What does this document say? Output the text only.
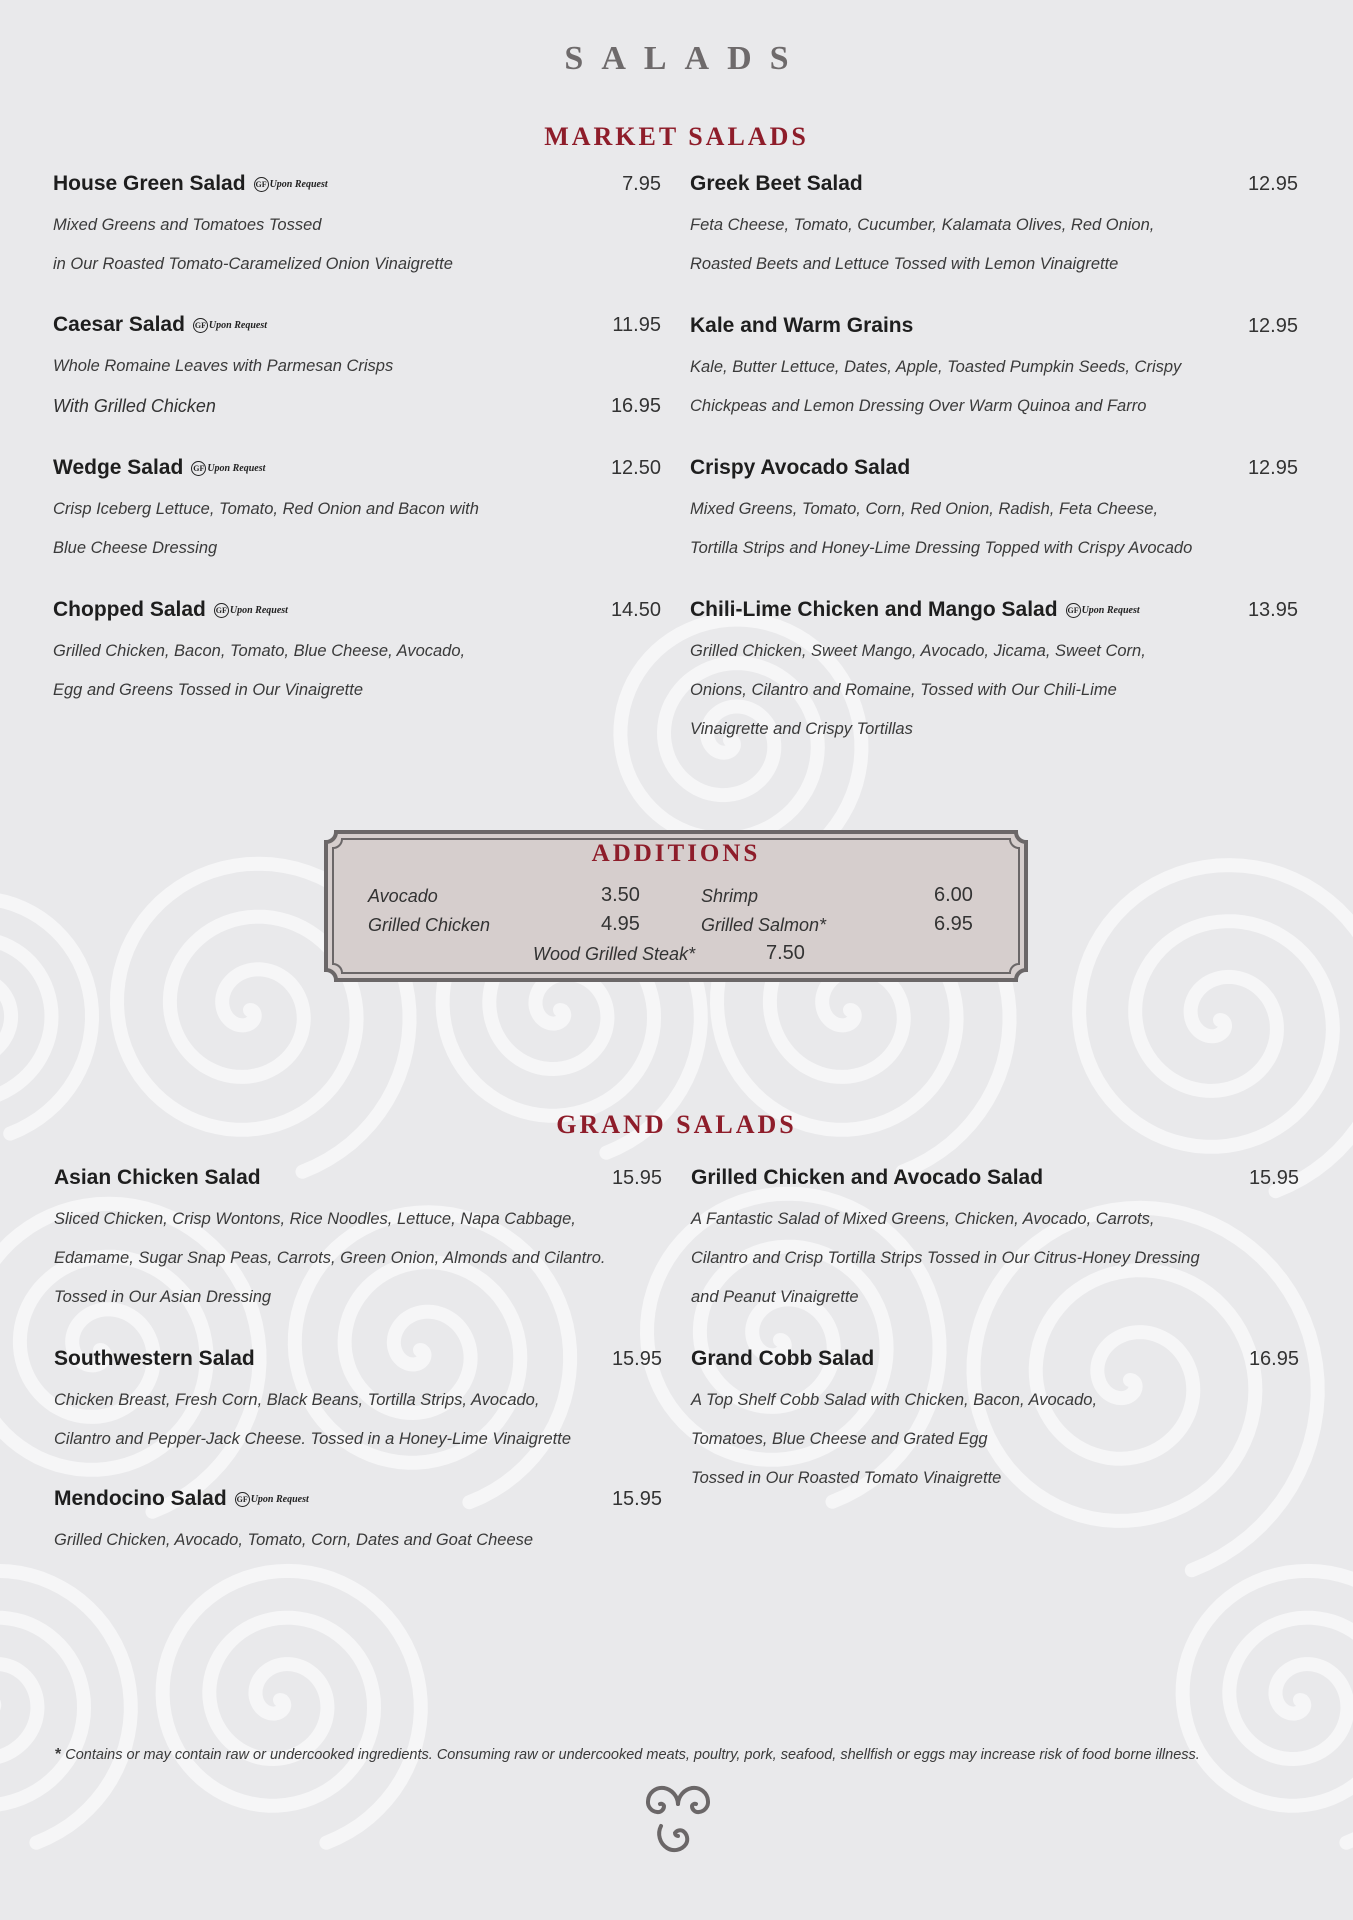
SALADS
MARKET SALADS
House Green Salad GF Upon Request	7.95
Mixed Greens and Tomatoes Tossed
in Our Roasted Tomato-Caramelized Onion Vinaigrette
Caesar Salad GF Upon Request	11.95
Whole Romaine Leaves with Parmesan Crisps
With Grilled Chicken	16.95
Wedge Salad GF Upon Request	12.50
Crisp Iceberg Lettuce, Tomato, Red Onion and Bacon with
Blue Cheese Dressing
Chopped Salad GF Upon Request	14.50
Grilled Chicken, Bacon, Tomato, Blue Cheese, Avocado,
Egg and Greens Tossed in Our Vinaigrette
Greek Beet Salad	12.95
Feta Cheese, Tomato, Cucumber, Kalamata Olives, Red Onion,
Roasted Beets and Lettuce Tossed with Lemon Vinaigrette
Kale and Warm Grains	12.95
Kale, Butter Lettuce, Dates, Apple, Toasted Pumpkin Seeds, Crispy
Chickpeas and Lemon Dressing Over Warm Quinoa and Farro
Crispy Avocado Salad	12.95
Mixed Greens, Tomato, Corn, Red Onion, Radish, Feta Cheese,
Tortilla Strips and Honey-Lime Dressing Topped with Crispy Avocado
Chili-Lime Chicken and Mango Salad GF Upon Request	13.95
Grilled Chicken, Sweet Mango, Avocado, Jicama, Sweet Corn,
Onions, Cilantro and Romaine, Tossed with Our Chili-Lime
Vinaigrette and Crispy Tortillas
ADDITIONS
Avocado	3.50
Grilled Chicken	4.95
Shrimp	6.00
Grilled Salmon*	6.95
Wood Grilled Steak*	7.50
GRAND SALADS
Asian Chicken Salad	15.95
Sliced Chicken, Crisp Wontons, Rice Noodles, Lettuce, Napa Cabbage,
Edamame, Sugar Snap Peas, Carrots, Green Onion, Almonds and Cilantro.
Tossed in Our Asian Dressing
Southwestern Salad	15.95
Chicken Breast, Fresh Corn, Black Beans, Tortilla Strips, Avocado,
Cilantro and Pepper-Jack Cheese. Tossed in a Honey-Lime Vinaigrette
Mendocino Salad GF Upon Request	15.95
Grilled Chicken, Avocado, Tomato, Corn, Dates and Goat Cheese
Grilled Chicken and Avocado Salad	15.95
A Fantastic Salad of Mixed Greens, Chicken, Avocado, Carrots,
Cilantro and Crisp Tortilla Strips Tossed in Our Citrus-Honey Dressing
and Peanut Vinaigrette
Grand Cobb Salad	16.95
A Top Shelf Cobb Salad with Chicken, Bacon, Avocado,
Tomatoes, Blue Cheese and Grated Egg
Tossed in Our Roasted Tomato Vinaigrette
* Contains or may contain raw or undercooked ingredients. Consuming raw or undercooked meats, poultry, pork, seafood, shellfish or eggs may increase risk of food borne illness.
